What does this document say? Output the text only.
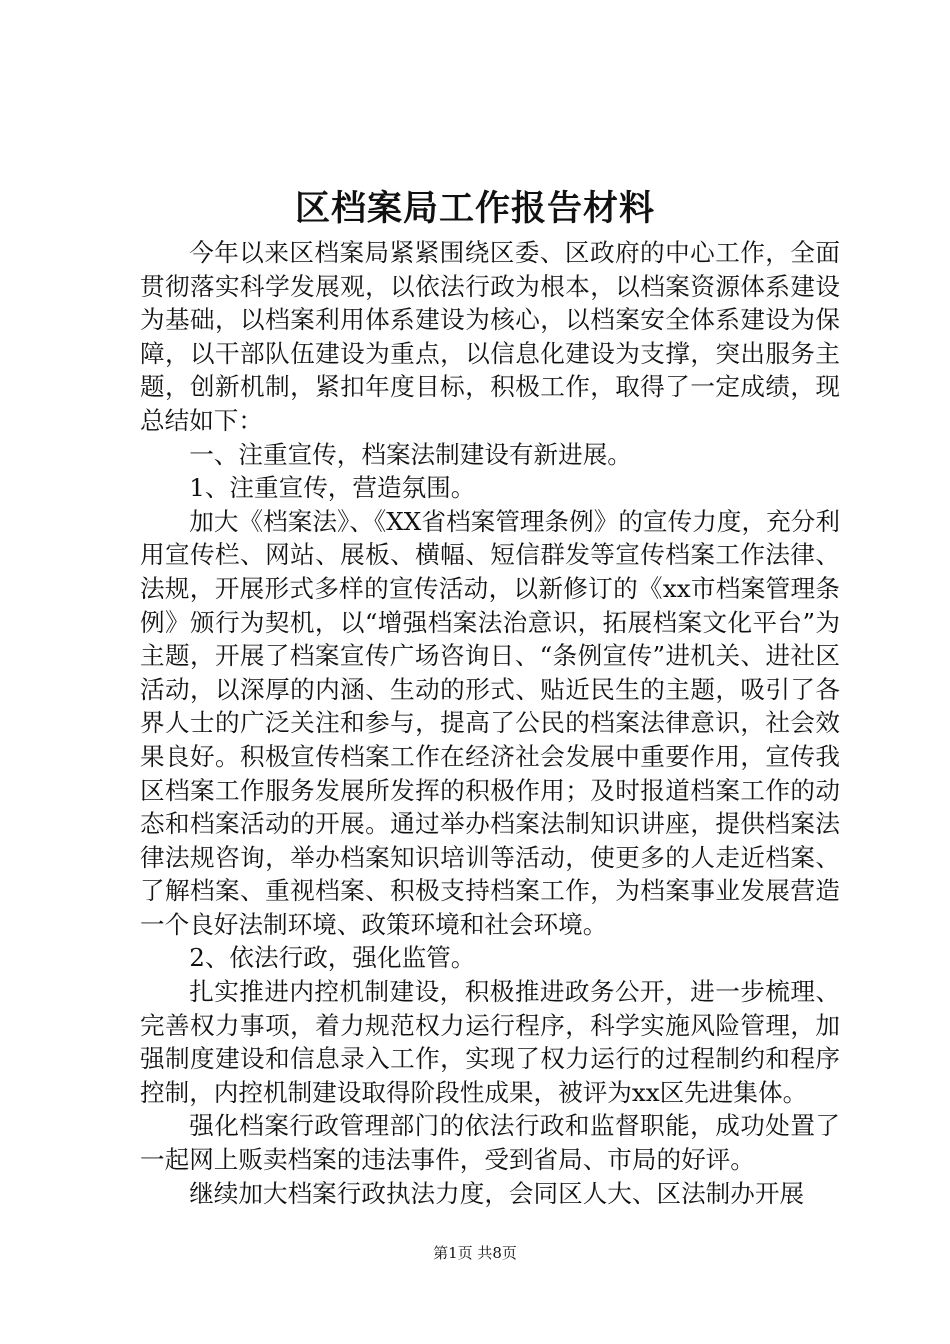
区档案局工作报告材料

今年以来区档案局紧紧围绕区委、区政府的中心工作，全面贯彻落实科学发展观，以依法行政为根本，以档案资源体系建设为基础，以档案利用体系建设为核心，以档案安全体系建设为保障，以干部队伍建设为重点，以信息化建设为支撑，突出服务主题，创新机制，紧扣年度目标，积极工作，取得了一定成绩，现总结如下：

一、注重宣传，档案法制建设有新进展。

1、注重宣传，营造氛围。

加大《档案法》、《XX省档案管理条例》的宣传力度，充分利用宣传栏、网站、展板、横幅、短信群发等宣传档案工作法律、法规，开展形式多样的宣传活动，以新修订的《xx市档案管理条例》颁行为契机，以“增强档案法治意识，拓展档案文化平台”为主题，开展了档案宣传广场咨询日、“条例宣传”进机关、进社区活动，以深厚的内涵、生动的形式、贴近民生的主题，吸引了各界人士的广泛关注和参与，提高了公民的档案法律意识，社会效果良好。积极宣传档案工作在经济社会发展中重要作用，宣传我区档案工作服务发展所发挥的积极作用；及时报道档案工作的动态和档案活动的开展。通过举办档案法制知识讲座，提供档案法律法规咨询，举办档案知识培训等活动，使更多的人走近档案、了解档案、重视档案、积极支持档案工作，为档案事业发展营造一个良好法制环境、政策环境和社会环境。

2、依法行政，强化监管。

扎实推进内控机制建设，积极推进政务公开，进一步梳理、完善权力事项，着力规范权力运行程序，科学实施风险管理，加强制度建设和信息录入工作，实现了权力运行的过程制约和程序控制，内控机制建设取得阶段性成果，被评为xx区先进集体。

强化档案行政管理部门的依法行政和监督职能，成功处置了一起网上贩卖档案的违法事件，受到省局、市局的好评。

继续加大档案行政执法力度，会同区人大、区法制办开展

第1页 共8页
